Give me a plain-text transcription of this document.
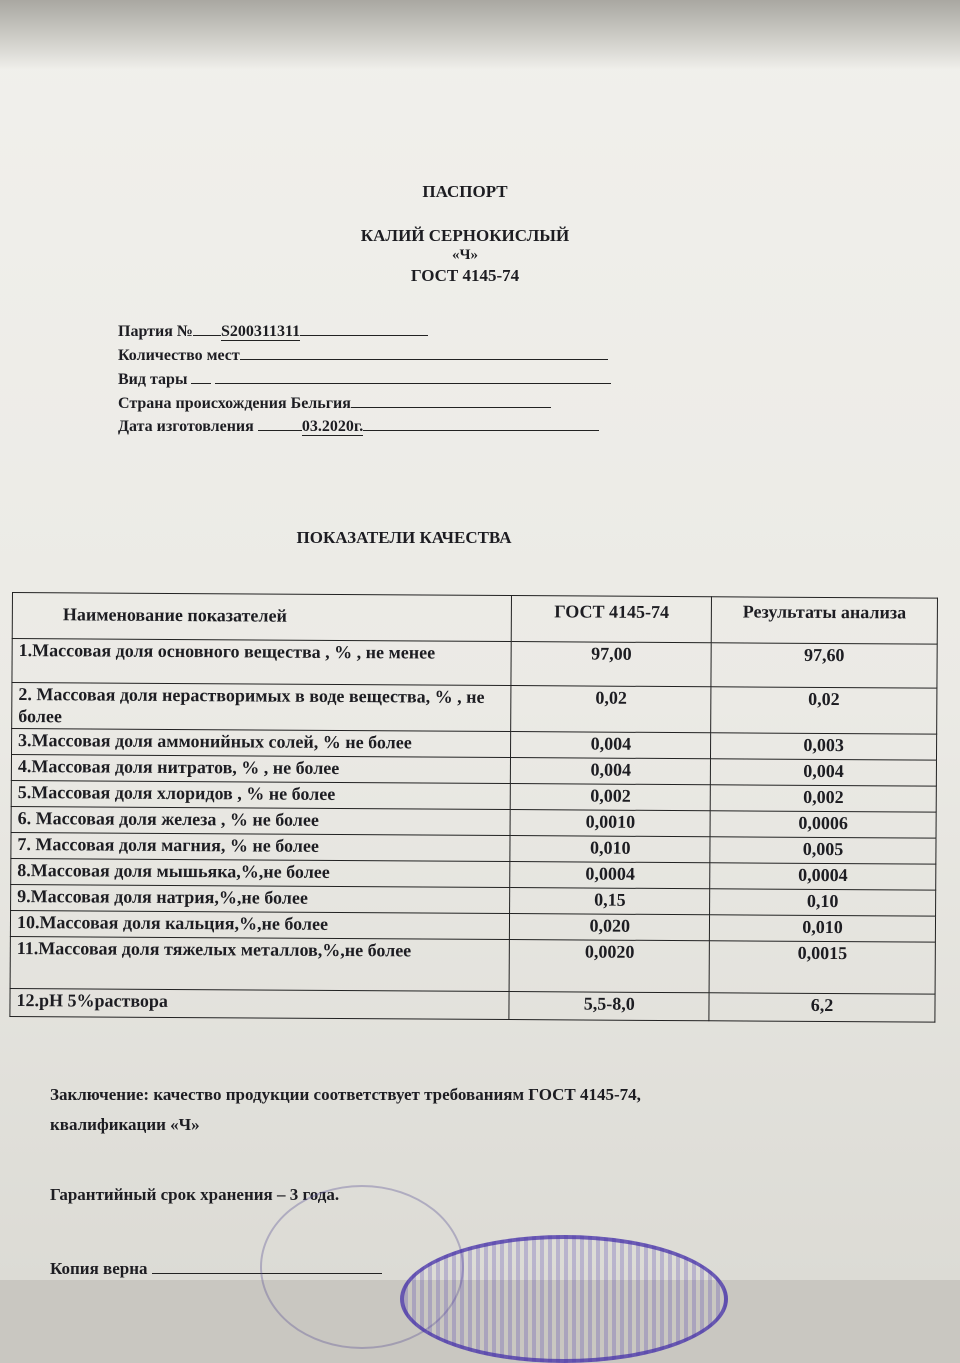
ПАСПОРТ
КАЛИЙ СЕРНОКИСЛЫЙ
«Ч»
ГОСТ 4145-74
Партия № S200311311
Количество мест
Вид тары
Страна происхождения Бельгия
Дата изготовления	03.2020г.
ПОКАЗАТЕЛИ КАЧЕСТВА
Наименование показателей	ГОСТ 4145-74	Результаты анализа
1.Массовая доля основного вещества , % , не менее	97,00	97,60
2. Массовая доля нерастворимых в воде вещества, % , не более	0,02	0,02
3.Массовая доля аммонийных солей, % не более	0,004	0,003
4.Массовая доля нитратов, % , не более	0,004	0,004
5.Массовая доля хлоридов , % не более	0,002	0,002
6. Массовая доля железа , % не более	0,0010	0,0006
7. Массовая доля магния, % не более	0,010	0,005
8.Массовая доля мышьяка,%,не более	0,0004	0,0004
9.Массовая доля натрия,%,не более	0,15	0,10
10.Массовая доля кальция,%,не более	0,020	0,010
11.Массовая доля тяжелых металлов,%,не более	0,0020	0,0015
12.pH 5%раствора	5,5-8,0	6,2
Заключение: качество продукции соответствует требованиям ГОСТ 4145-74,
квалификации «Ч»
Гарантийный срок хранения – 3 года.
Копия верна
